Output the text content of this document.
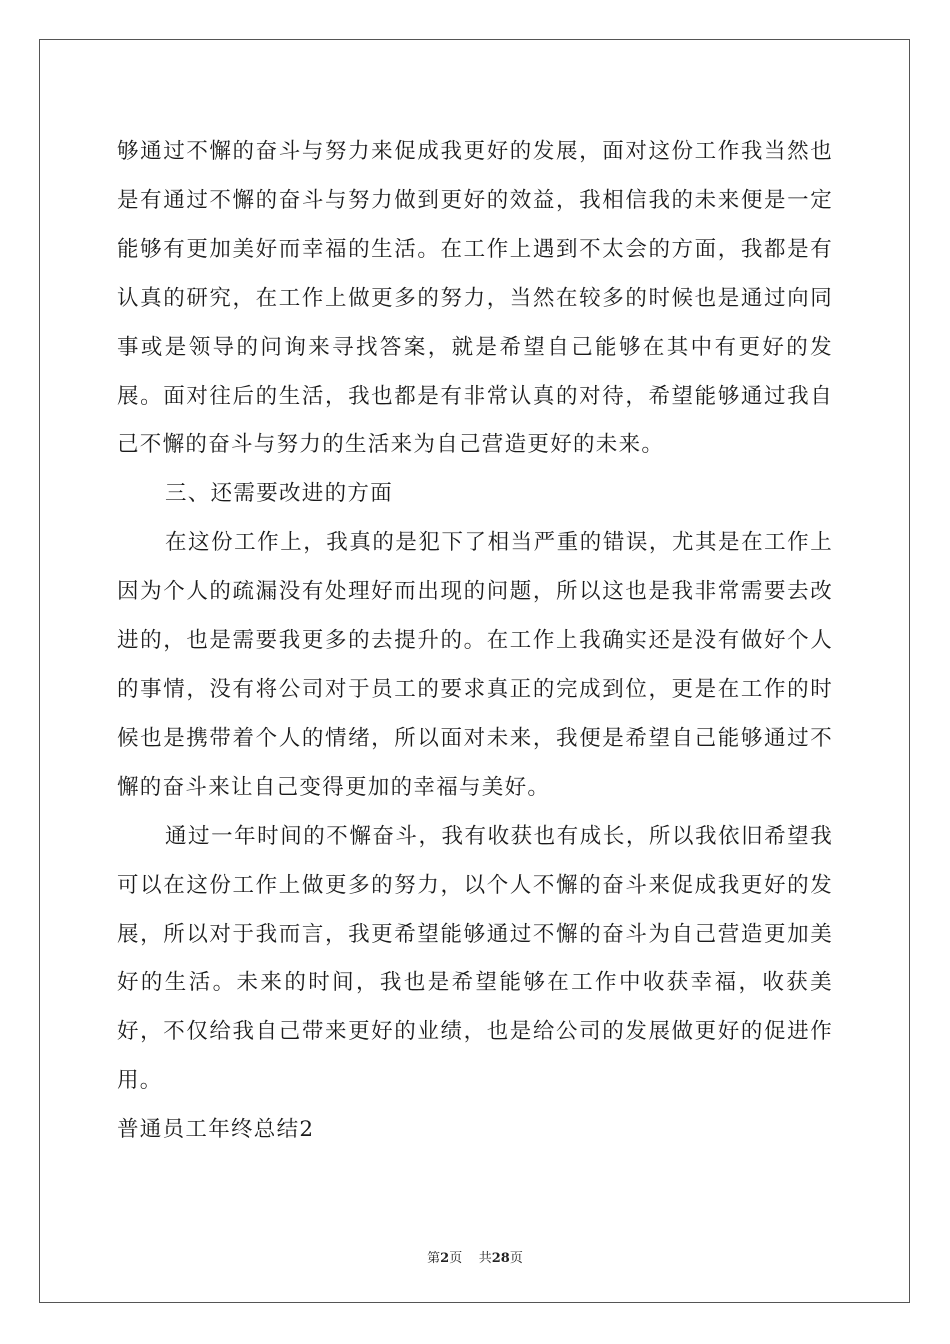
够通过不懈的奋斗与努力来促成我更好的发展，面对这份工作我当然也是有通过不懈的奋斗与努力做到更好的效益，我相信我的未来便是一定能够有更加美好而幸福的生活。在工作上遇到不太会的方面，我都是有认真的研究，在工作上做更多的努力，当然在较多的时候也是通过向同事或是领导的问询来寻找答案，就是希望自己能够在其中有更好的发展。面对往后的生活，我也都是有非常认真的对待，希望能够通过我自己不懈的奋斗与努力的生活来为自己营造更好的未来。

三、还需要改进的方面

在这份工作上，我真的是犯下了相当严重的错误，尤其是在工作上因为个人的疏漏没有处理好而出现的问题，所以这也是我非常需要去改进的，也是需要我更多的去提升的。在工作上我确实还是没有做好个人的事情，没有将公司对于员工的要求真正的完成到位，更是在工作的时候也是携带着个人的情绪，所以面对未来，我便是希望自己能够通过不懈的奋斗来让自己变得更加的幸福与美好。

通过一年时间的不懈奋斗，我有收获也有成长，所以我依旧希望我可以在这份工作上做更多的努力，以个人不懈的奋斗来促成我更好的发展，所以对于我而言，我更希望能够通过不懈的奋斗为自己营造更加美好的生活。未来的时间，我也是希望能够在工作中收获幸福，收获美好，不仅给我自己带来更好的业绩，也是给公司的发展做更好的促进作用。

普通员工年终总结2

第2页 共28页
